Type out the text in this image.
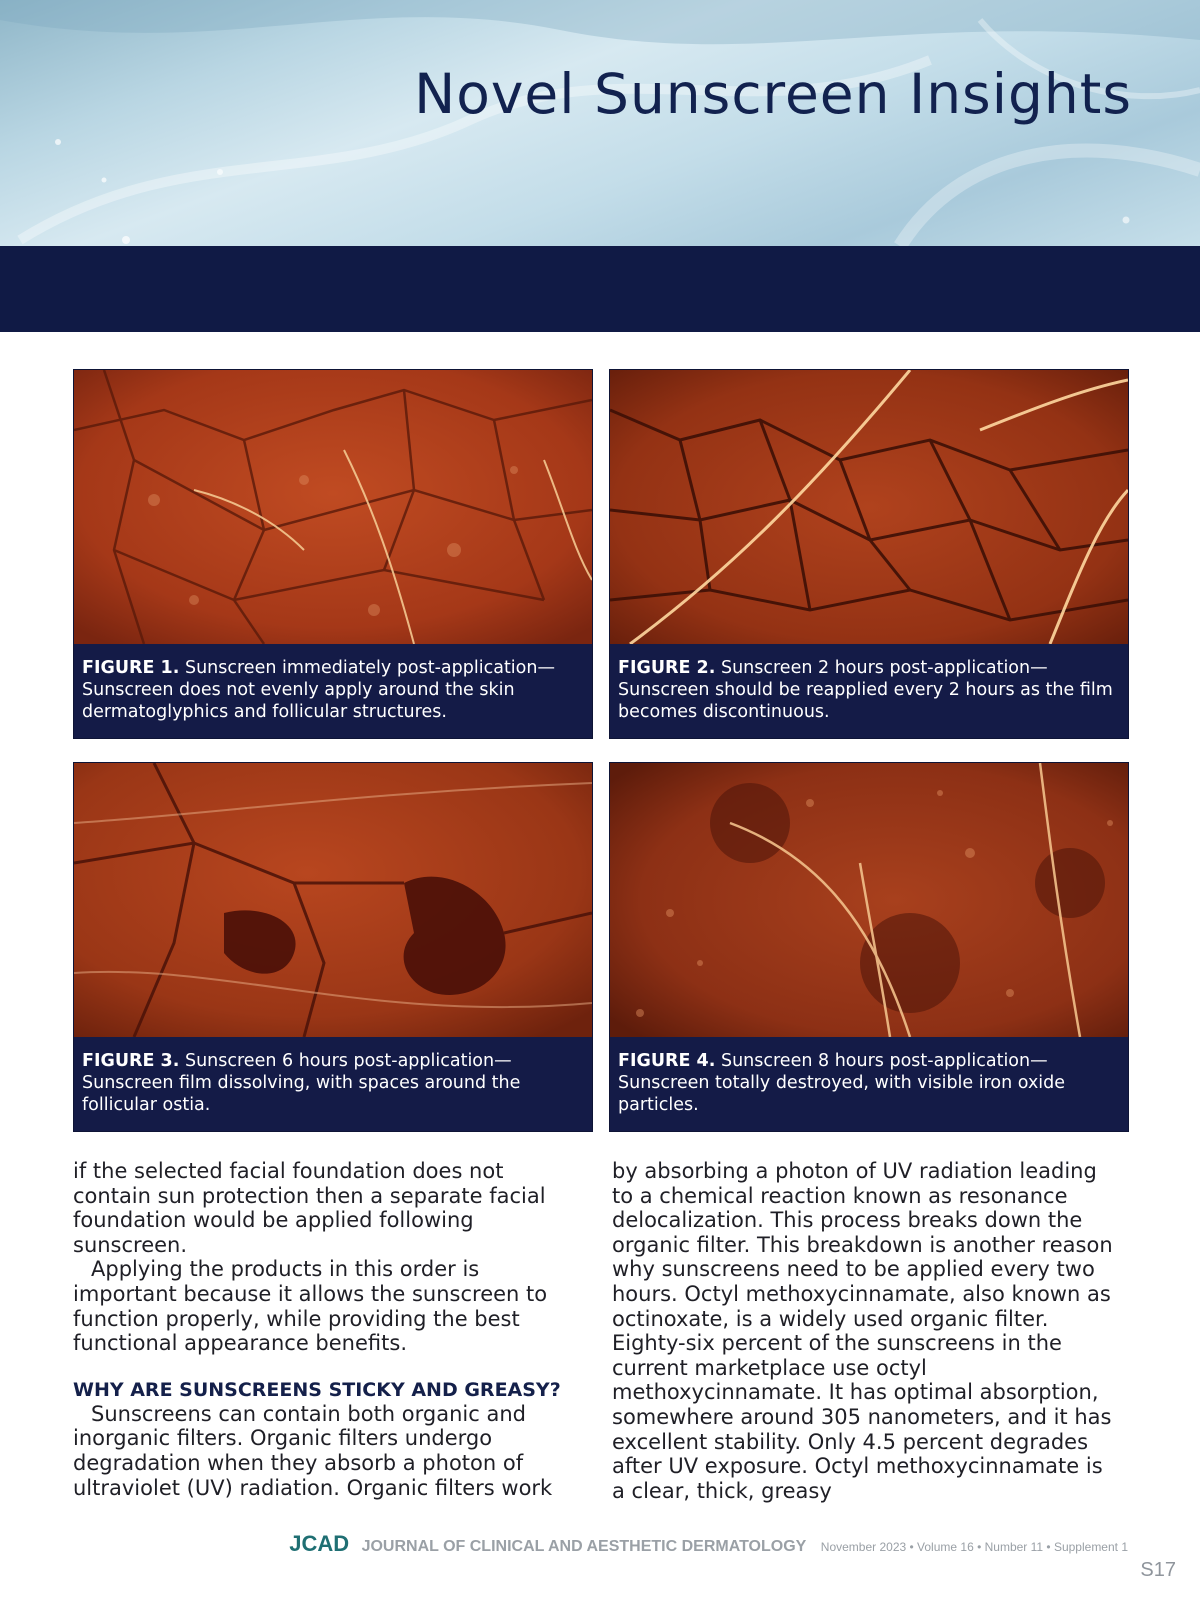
Novel Sunscreen Insights

FIGURE 1. Sunscreen immediately post-application—Sunscreen does not evenly apply around the skin dermatoglyphics and follicular structures.

FIGURE 2. Sunscreen 2 hours post-application—Sunscreen should be reapplied every 2 hours as the film becomes discontinuous.

FIGURE 3. Sunscreen 6 hours post-application—Sunscreen film dissolving, with spaces around the follicular ostia.

FIGURE 4. Sunscreen 8 hours post-application—Sunscreen totally destroyed, with visible iron oxide particles.

if the selected facial foundation does not contain sun protection then a separate facial foundation would be applied following sunscreen.

Applying the products in this order is important because it allows the sunscreen to function properly, while providing the best functional appearance benefits.

WHY ARE SUNSCREENS STICKY AND GREASY?

Sunscreens can contain both organic and inorganic filters. Organic filters undergo degradation when they absorb a photon of ultraviolet (UV) radiation. Organic filters work

by absorbing a photon of UV radiation leading to a chemical reaction known as resonance delocalization. This process breaks down the organic filter. This breakdown is another reason why sunscreens need to be applied every two hours. Octyl methoxycinnamate, also known as octinoxate, is a widely used organic filter. Eighty-six percent of the sunscreens in the current marketplace use octyl methoxycinnamate. It has optimal absorption, somewhere around 305 nanometers, and it has excellent stability. Only 4.5 percent degrades after UV exposure. Octyl methoxycinnamate is a clear, thick, greasy

JCAD JOURNAL OF CLINICAL AND AESTHETIC DERMATOLOGY November 2023 • Volume 16 • Number 11 • Supplement 1
S17
